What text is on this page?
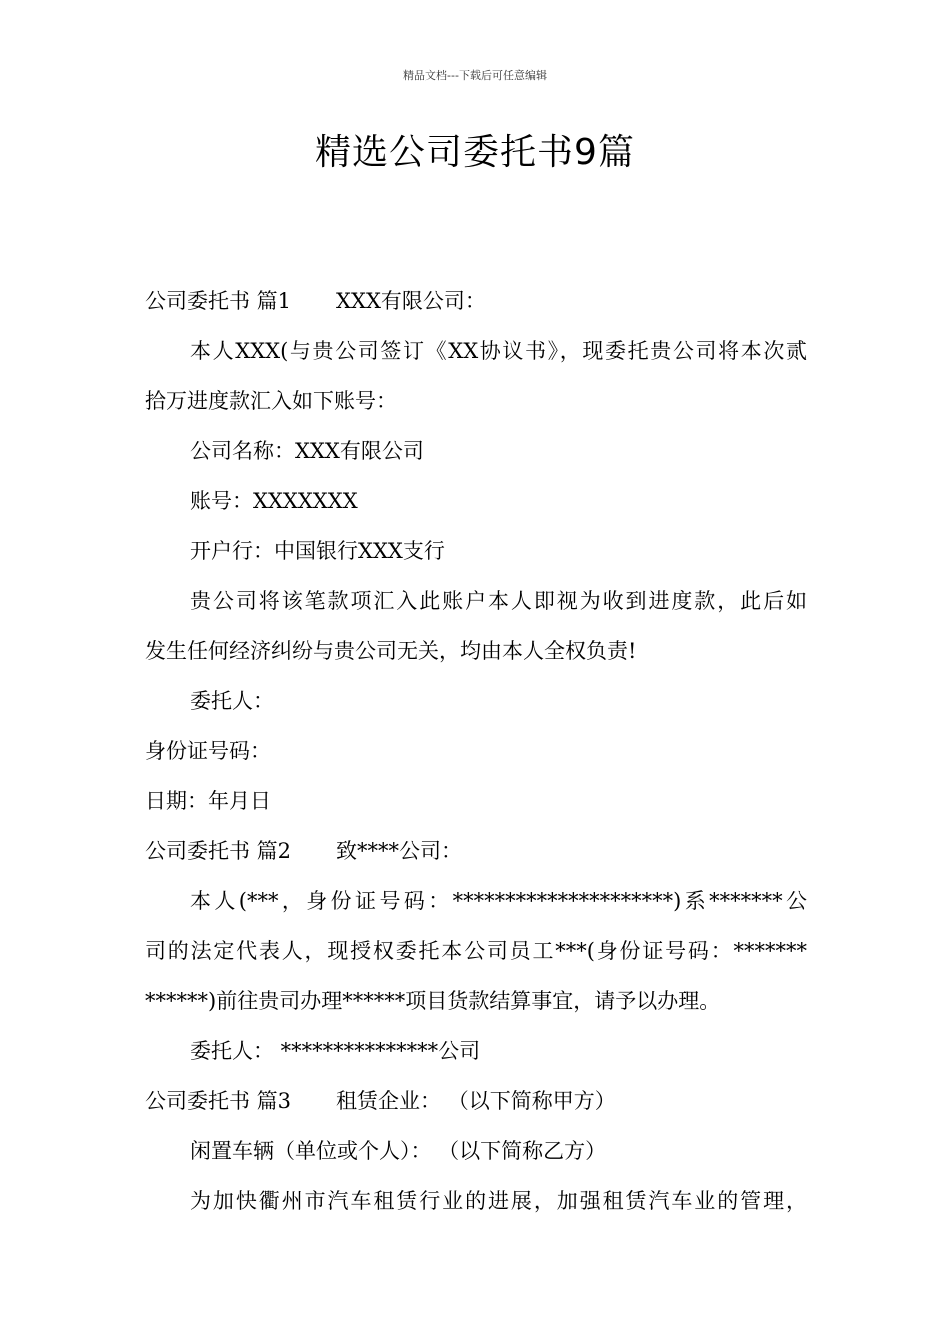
精品文档---下载后可任意编辑
精选公司委托书9篇
公司委托书 篇1 XXX有限公司：
本人XXX(与贵公司签订《XX协议书》，现委托贵公司将本次贰
拾万进度款汇入如下账号：
公司名称：XXX有限公司
账号：XXXXXXX
开户行：中国银行XXX支行
贵公司将该笔款项汇入此账户本人即视为收到进度款，此后如
发生任何经济纠纷与贵公司无关，均由本人全权负责!
委托人：
身份证号码：
日期：年月日
公司委托书 篇2 致****公司：
本人(***，身份证号码：*********************)系*******公
司的法定代表人，现授权委托本公司员工***(身份证号码：*******
******)前往贵司办理******项目货款结算事宜，请予以办理。
委托人： ***************公司
公司委托书 篇3 租赁企业： （以下简称甲方）
闲置车辆（单位或个人）： （以下简称乙方）
为加快衢州市汽车租赁行业的进展，加强租赁汽车业的管理，
